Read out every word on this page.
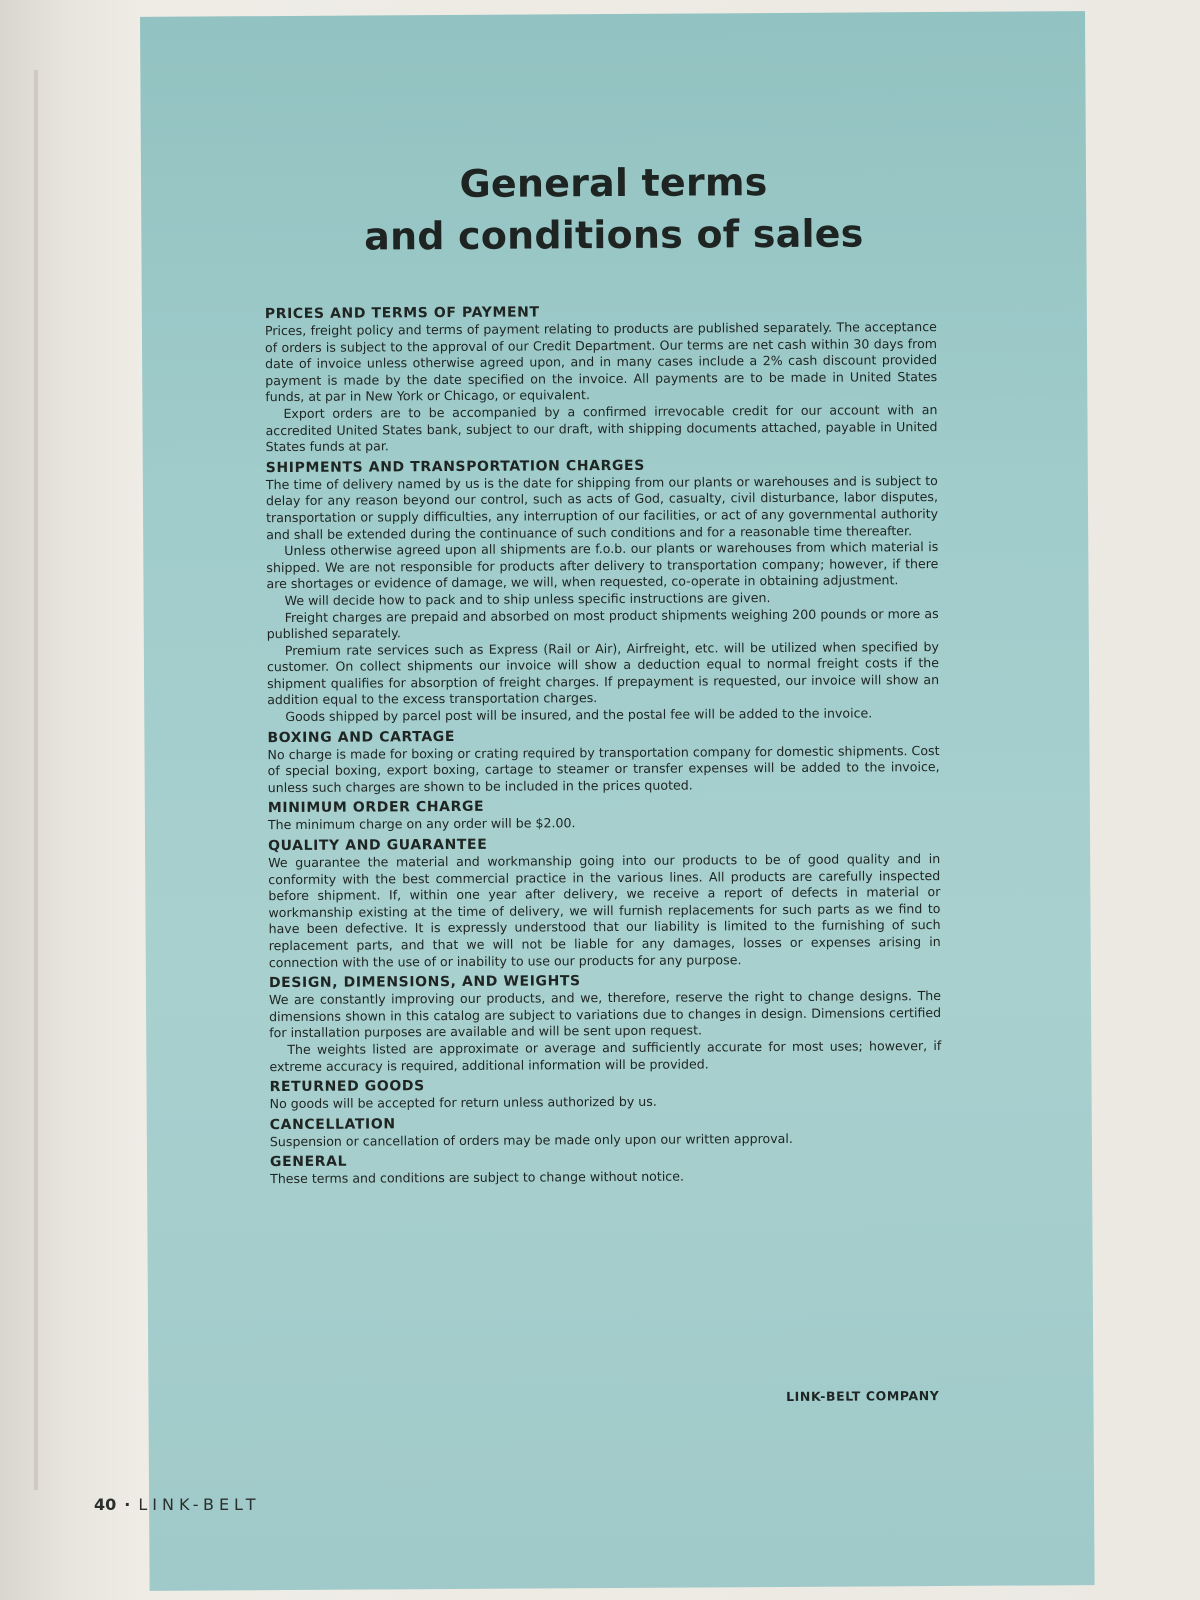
General terms
and conditions of sales
PRICES AND TERMS OF PAYMENT

Prices, freight policy and terms of payment relating to products are published separately. The acceptance of orders is subject to the approval of our Credit Department. Our terms are net cash within 30 days from date of invoice unless otherwise agreed upon, and in many cases include a 2% cash discount provided payment is made by the date specified on the invoice. All payments are to be made in United States funds, at par in New York or Chicago, or equivalent.

Export orders are to be accompanied by a confirmed irrevocable credit for our account with an accredited United States bank, subject to our draft, with shipping documents attached, payable in United States funds at par.

SHIPMENTS AND TRANSPORTATION CHARGES

The time of delivery named by us is the date for shipping from our plants or warehouses and is subject to delay for any reason beyond our control, such as acts of God, casualty, civil disturbance, labor disputes, transportation or supply difficulties, any interruption of our facilities, or act of any governmental authority and shall be extended during the continuance of such conditions and for a reasonable time thereafter.

Unless otherwise agreed upon all shipments are f.o.b. our plants or warehouses from which material is shipped. We are not responsible for products after delivery to transportation company; however, if there are shortages or evidence of damage, we will, when requested, co-operate in obtaining adjustment.

We will decide how to pack and to ship unless specific instructions are given.

Freight charges are prepaid and absorbed on most product shipments weighing 200 pounds or more as published separately.

Premium rate services such as Express (Rail or Air), Airfreight, etc. will be utilized when specified by customer. On collect shipments our invoice will show a deduction equal to normal freight costs if the shipment qualifies for absorption of freight charges. If prepayment is requested, our invoice will show an addition equal to the excess transportation charges.

Goods shipped by parcel post will be insured, and the postal fee will be added to the invoice.

BOXING AND CARTAGE

No charge is made for boxing or crating required by transportation company for domestic shipments. Cost of special boxing, export boxing, cartage to steamer or transfer expenses will be added to the invoice, unless such charges are shown to be included in the prices quoted.

MINIMUM ORDER CHARGE

The minimum charge on any order will be $2.00.

QUALITY AND GUARANTEE

We guarantee the material and workmanship going into our products to be of good quality and in conformity with the best commercial practice in the various lines. All products are carefully inspected before shipment. If, within one year after delivery, we receive a report of defects in material or workmanship existing at the time of delivery, we will furnish replacements for such parts as we find to have been defective. It is expressly understood that our liability is limited to the furnishing of such replacement parts, and that we will not be liable for any damages, losses or expenses arising in connection with the use of or inability to use our products for any purpose.

DESIGN, DIMENSIONS, AND WEIGHTS

We are constantly improving our products, and we, therefore, reserve the right to change designs. The dimensions shown in this catalog are subject to variations due to changes in design. Dimensions certified for installation purposes are available and will be sent upon request.

The weights listed are approximate or average and sufficiently accurate for most uses; however, if extreme accuracy is required, additional information will be provided.

RETURNED GOODS

No goods will be accepted for return unless authorized by us.

CANCELLATION

Suspension or cancellation of orders may be made only upon our written approval.

GENERAL

These terms and conditions are subject to change without notice.

LINK-BELT COMPANY
40 · LINK-BELT
